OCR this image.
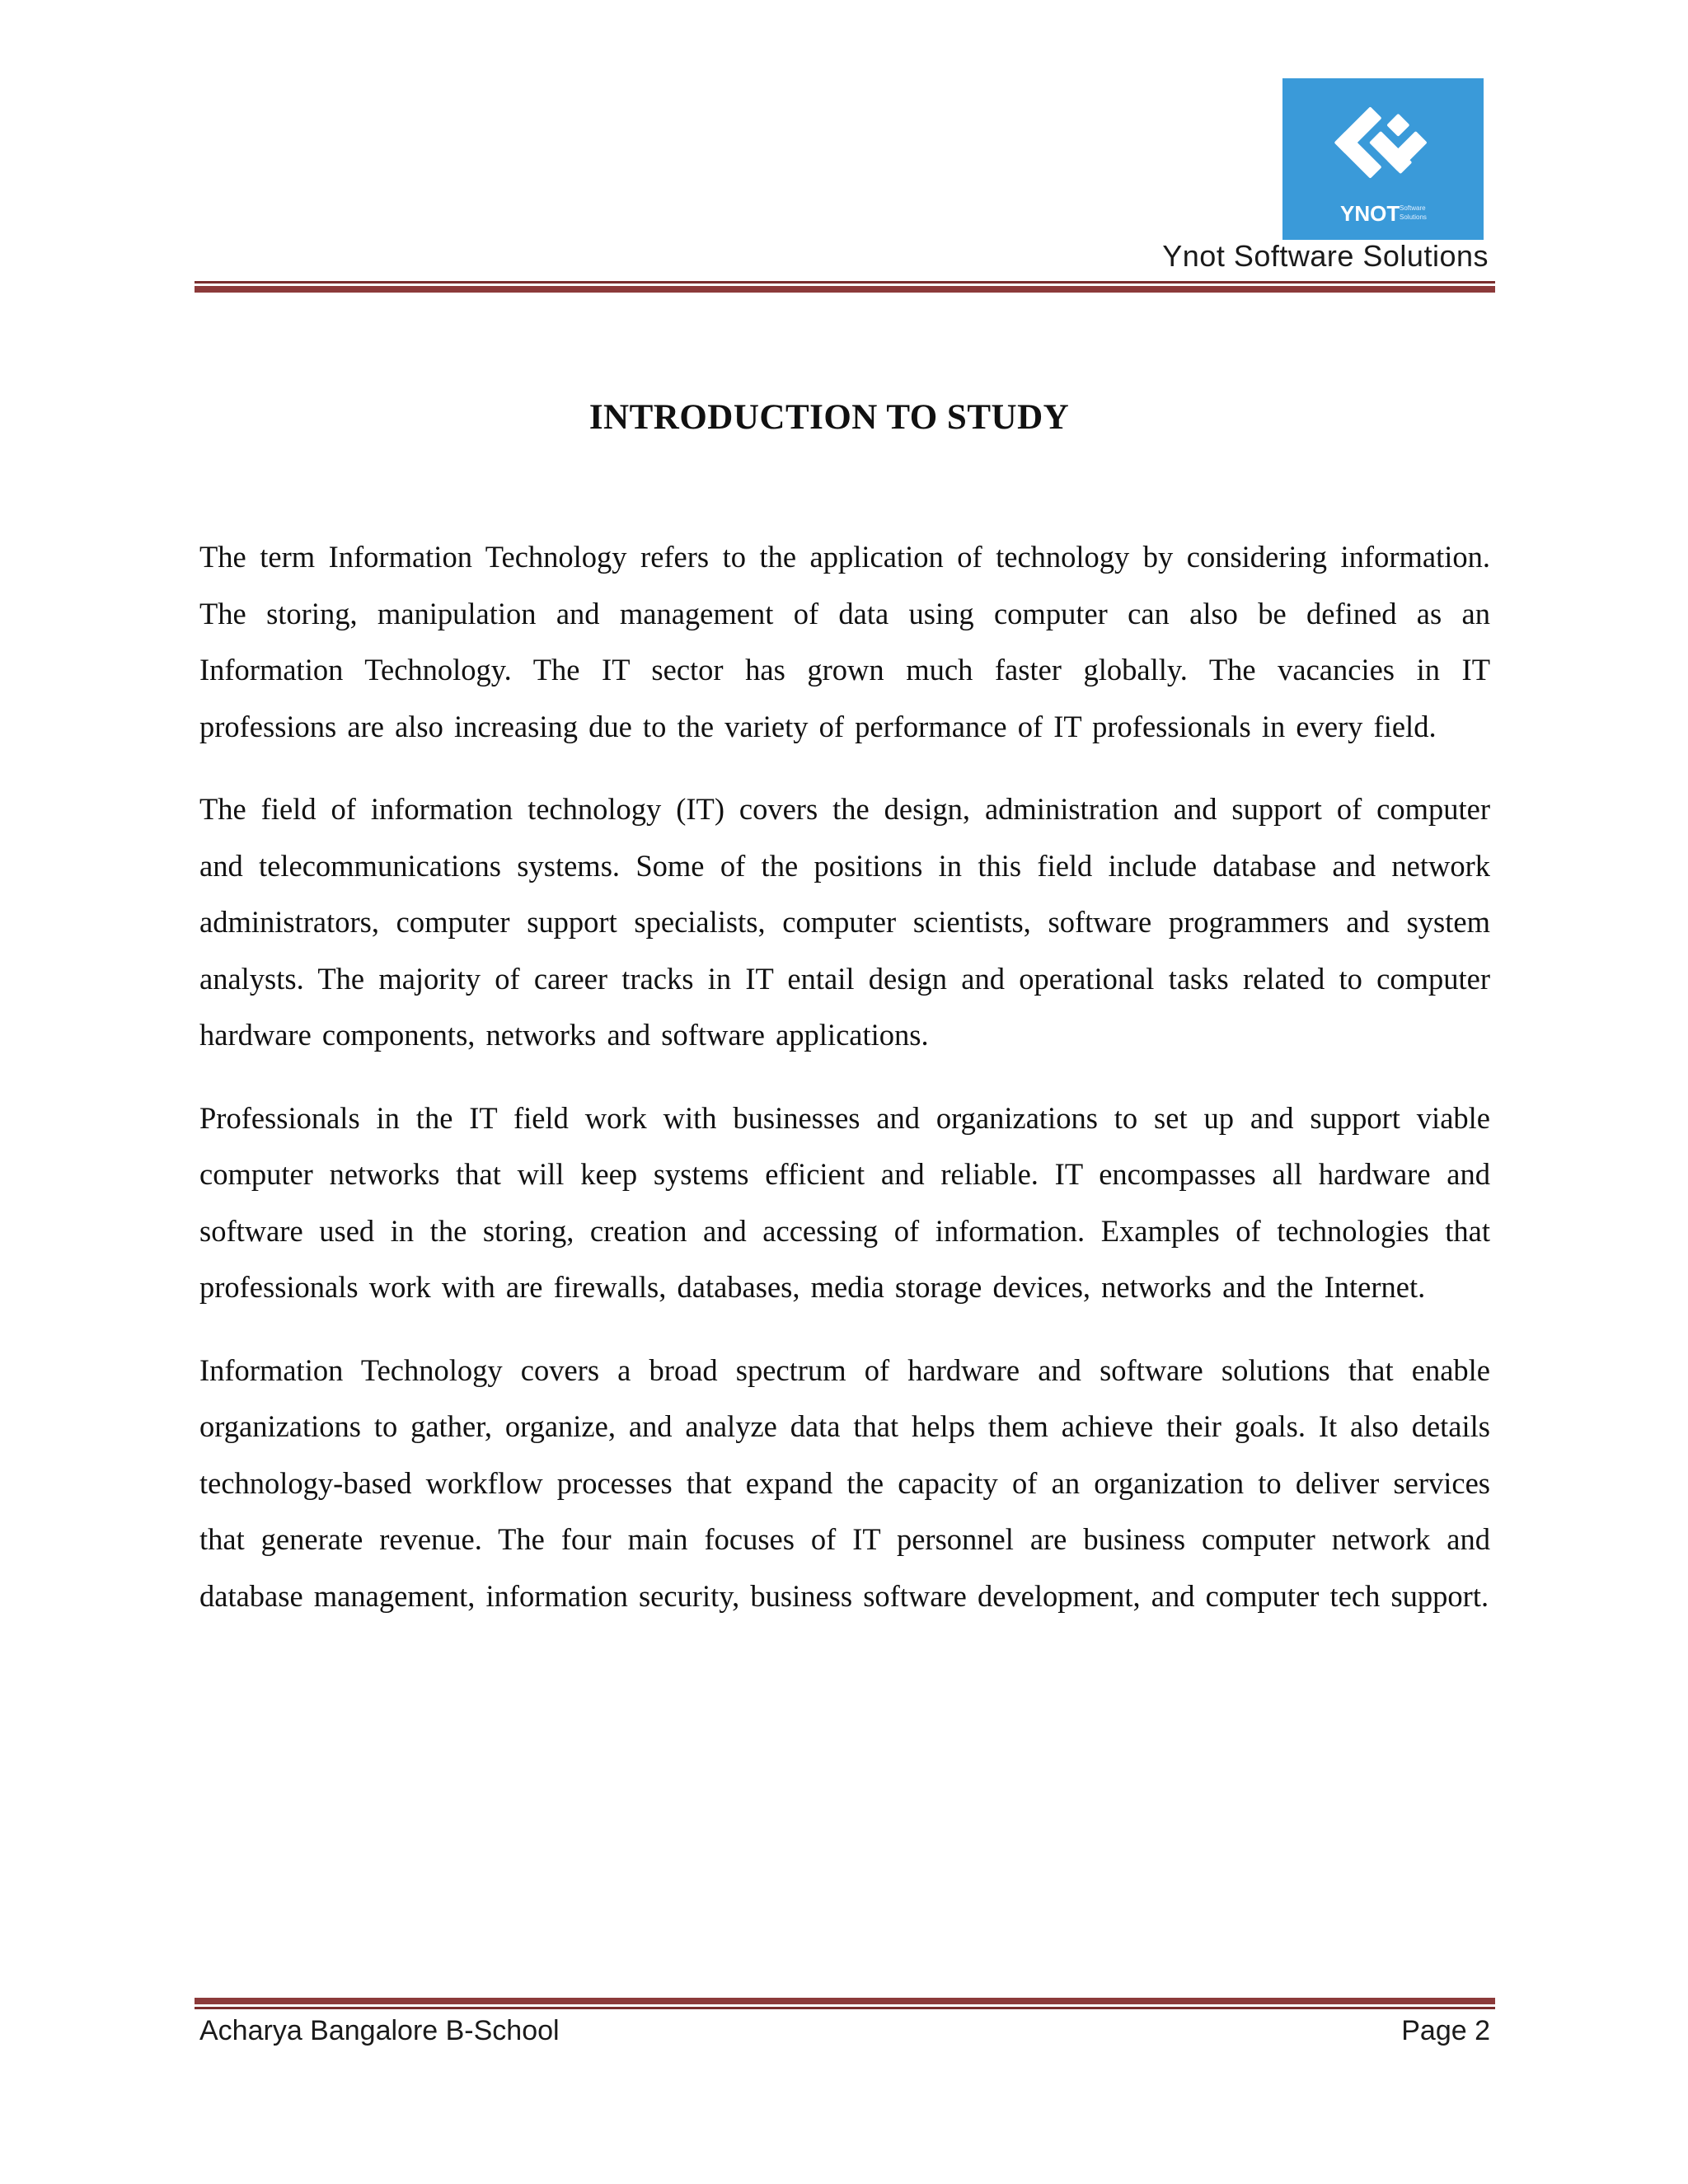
YNOT Software
Solutions
Ynot Software Solutions
INTRODUCTION TO STUDY

The term Information Technology refers to the application of technology by considering information. The storing, manipulation and management of data using computer can also be defined as an Information Technology. The IT sector has grown much faster globally. The vacancies in IT professions are also increasing due to the variety of performance of IT professionals in every field.

The field of information technology (IT) covers the design, administration and support of computer and telecommunications systems. Some of the positions in this field include database and network administrators, computer support specialists, computer scientists, software programmers and system analysts. The majority of career tracks in IT entail design and operational tasks related to computer hardware components, networks and software applications.

Professionals in the IT field work with businesses and organizations to set up and support viable computer networks that will keep systems efficient and reliable. IT encompasses all hardware and software used in the storing, creation and accessing of information. Examples of technologies that professionals work with are firewalls, databases, media storage devices, networks and the Internet.

Information Technology covers a broad spectrum of hardware and software solutions that enable organizations to gather, organize, and analyze data that helps them achieve their goals. It also details technology-based workflow processes that expand the capacity of an organization to deliver services that generate revenue. The four main focuses of IT personnel are business computer network and database management, information security, business software development, and computer tech support.

Acharya Bangalore B-School	Page 2
